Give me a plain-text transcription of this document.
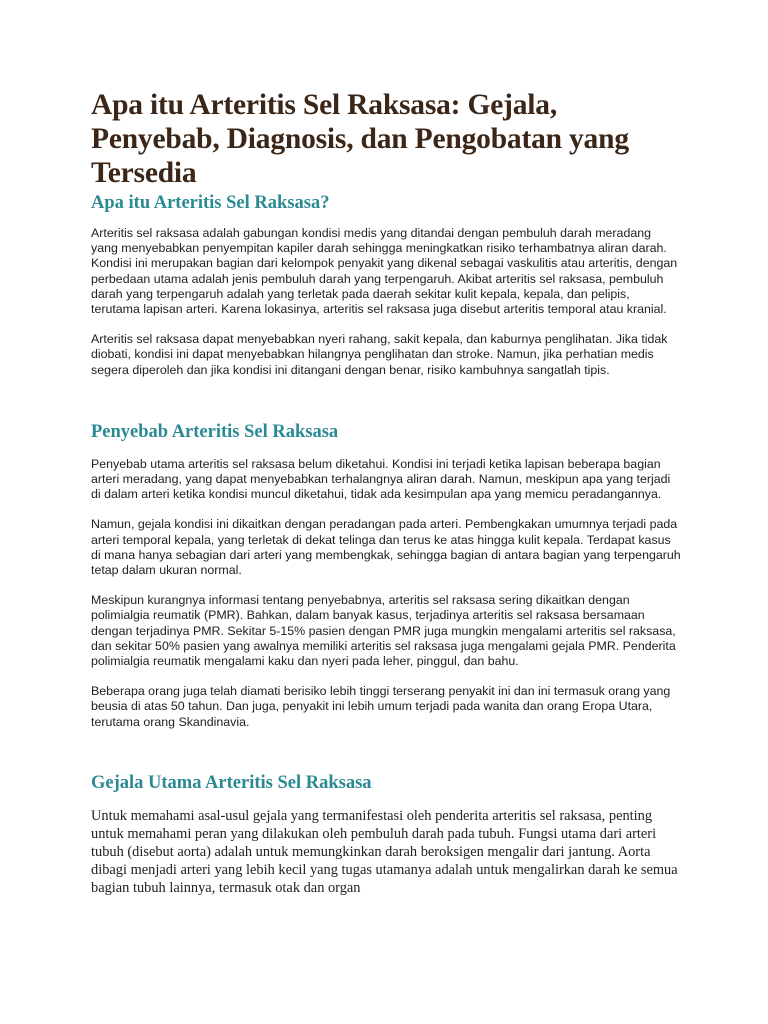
Apa itu Arteritis Sel Raksasa: Gejala, Penyebab, Diagnosis, dan Pengobatan yang Tersedia
Apa itu Arteritis Sel Raksasa?

Arteritis sel raksasa adalah gabungan kondisi medis yang ditandai dengan pembuluh darah meradang yang menyebabkan penyempitan kapiler darah sehingga meningkatkan risiko terhambatnya aliran darah. Kondisi ini merupakan bagian dari kelompok penyakit yang dikenal sebagai vaskulitis atau arteritis, dengan perbedaan utama adalah jenis pembuluh darah yang terpengaruh. Akibat arteritis sel raksasa, pembuluh darah yang terpengaruh adalah yang terletak pada daerah sekitar kulit kepala, kepala, dan pelipis, terutama lapisan arteri. Karena lokasinya, arteritis sel raksasa juga disebut arteritis temporal atau kranial.

Arteritis sel raksasa dapat menyebabkan nyeri rahang, sakit kepala, dan kaburnya penglihatan. Jika tidak diobati, kondisi ini dapat menyebabkan hilangnya penglihatan dan stroke. Namun, jika perhatian medis segera diperoleh dan jika kondisi ini ditangani dengan benar, risiko kambuhnya sangatlah tipis.

Penyebab Arteritis Sel Raksasa

Penyebab utama arteritis sel raksasa belum diketahui. Kondisi ini terjadi ketika lapisan beberapa bagian arteri meradang, yang dapat menyebabkan terhalangnya aliran darah. Namun, meskipun apa yang terjadi di dalam arteri ketika kondisi muncul diketahui, tidak ada kesimpulan apa yang memicu peradangannya.

Namun, gejala kondisi ini dikaitkan dengan peradangan pada arteri. Pembengkakan umumnya terjadi pada arteri temporal kepala, yang terletak di dekat telinga dan terus ke atas hingga kulit kepala. Terdapat kasus di mana hanya sebagian dari arteri yang membengkak, sehingga bagian di antara bagian yang terpengaruh tetap dalam ukuran normal.

Meskipun kurangnya informasi tentang penyebabnya, arteritis sel raksasa sering dikaitkan dengan polimialgia reumatik (PMR). Bahkan, dalam banyak kasus, terjadinya arteritis sel raksasa bersamaan dengan terjadinya PMR. Sekitar 5-15% pasien dengan PMR juga mungkin mengalami arteritis sel raksasa, dan sekitar 50% pasien yang awalnya memiliki arteritis sel raksasa juga mengalami gejala PMR. Penderita polimialgia reumatik mengalami kaku dan nyeri pada leher, pinggul, dan bahu.

Beberapa orang juga telah diamati berisiko lebih tinggi terserang penyakit ini dan ini termasuk orang yang beusia di atas 50 tahun. Dan juga, penyakit ini lebih umum terjadi pada wanita dan orang Eropa Utara, terutama orang Skandinavia.

Gejala Utama Arteritis Sel Raksasa

Untuk memahami asal-usul gejala yang termanifestasi oleh penderita arteritis sel raksasa, penting untuk memahami peran yang dilakukan oleh pembuluh darah pada tubuh. Fungsi utama dari arteri tubuh (disebut aorta) adalah untuk memungkinkan darah beroksigen mengalir dari jantung. Aorta dibagi menjadi arteri yang lebih kecil yang tugas utamanya adalah untuk mengalirkan darah ke semua bagian tubuh lainnya, termasuk otak dan organ
